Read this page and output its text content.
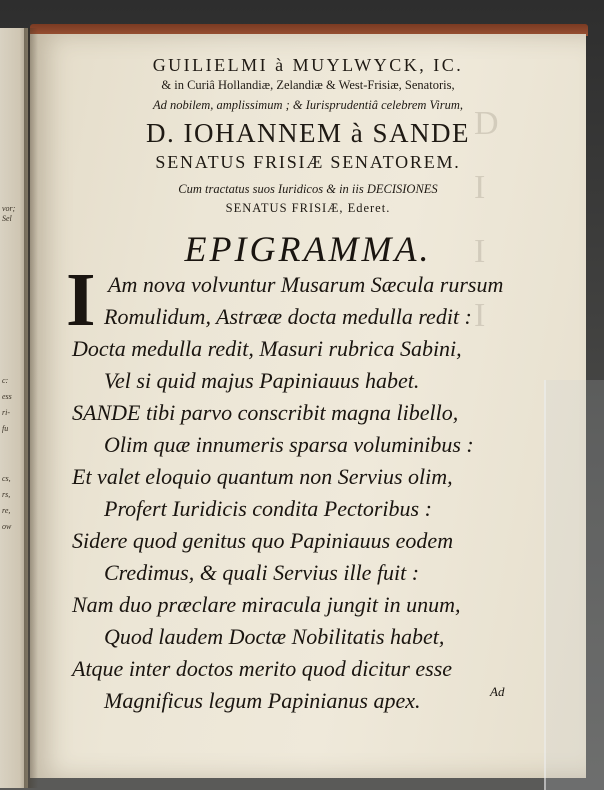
vor;
Sel
c:
ess
ri-
fu
cs,
rs,
re,
ow
D
I
I
I
GUILIELMI à MUYLWYCK, IC.
& in Curiâ Hollandiæ, Zelandiæ & West-Frisiæ, Senatoris,
Ad nobilem, amplissimum ; & Iurisprudentiâ celebrem Virum,
D. IOHANNEM à SANDE
SENATUS FRISIÆ SENATOREM.
Cum tractatus suos Iuridicos & in iis DECISIONES
SENATUS FRISIÆ, Ederet.
EPIGRAMMA.
I Am nova volvuntur Musarum Sæcula rursum
Romulidum, Astrææ docta medulla redit :
Docta medulla redit, Masuri rubrica Sabini,
Vel si quid majus Papiniauus habet.
SANDE tibi parvo conscribit magna libello,
Olim quæ innumeris sparsa voluminibus :
Et valet eloquio quantum non Servius olim,
Profert Iuridicis condita Pectoribus :
Sidere quod genitus quo Papiniauus eodem
Credimus, & quali Servius ille fuit :
Nam duo præclare miracula jungit in unum,
Quod laudem Doctæ Nobilitatis habet,
Atque inter doctos merito quod dicitur esse
Magnificus legum Papinianus apex.	Ad
